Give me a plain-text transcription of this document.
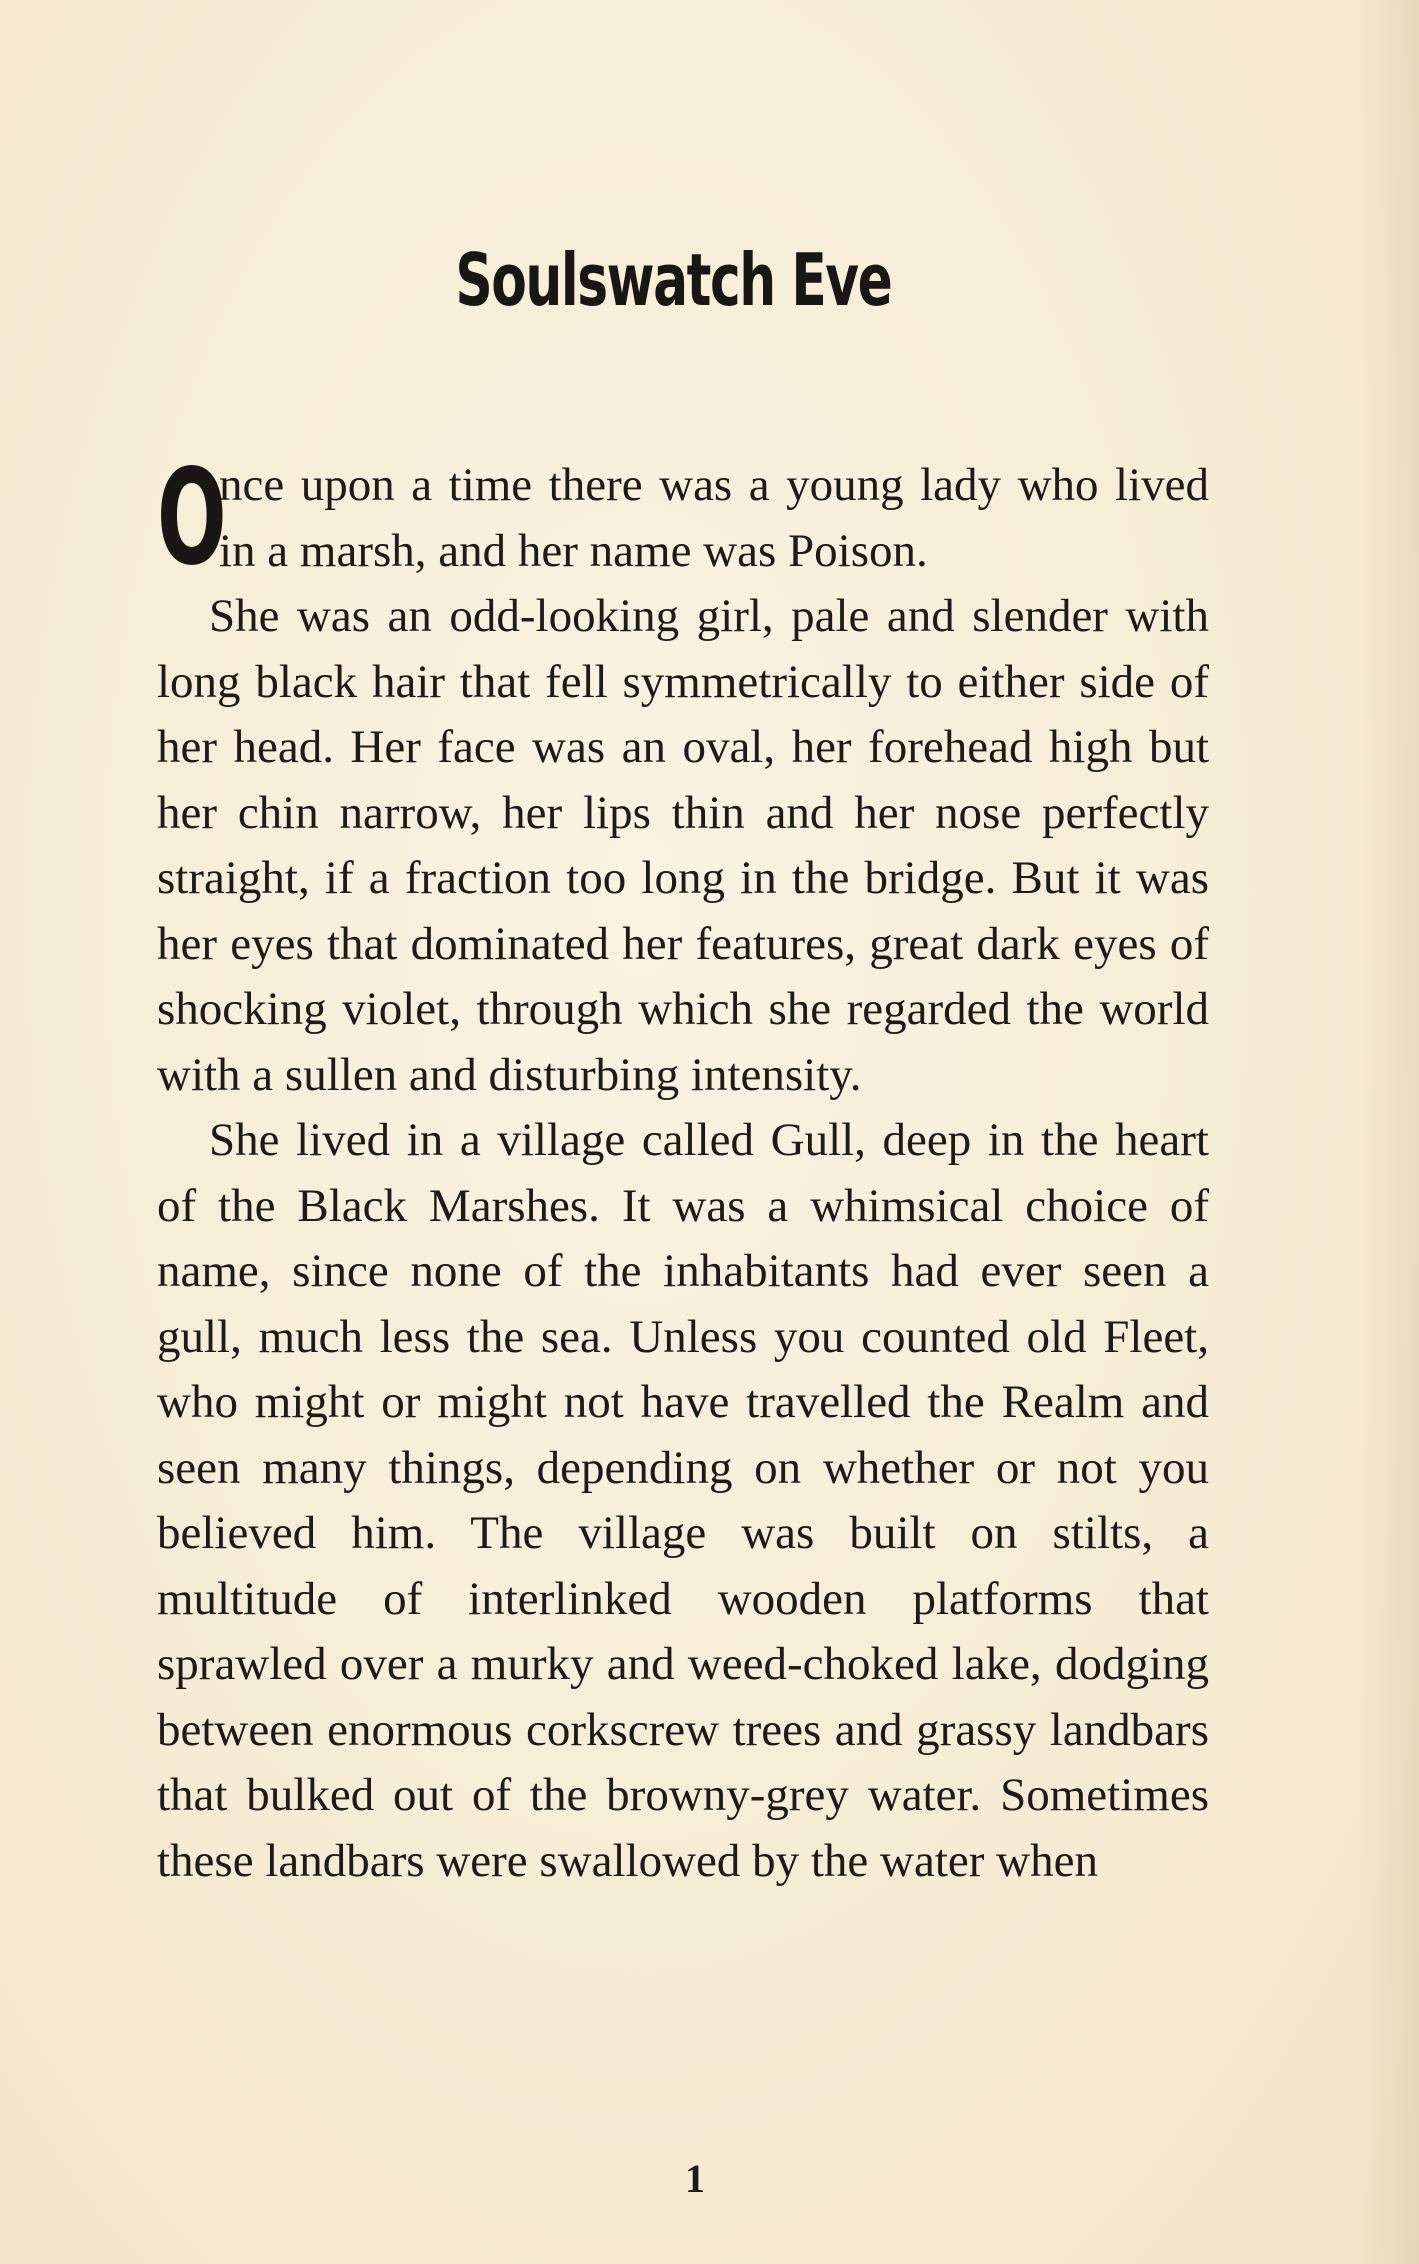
Soulswatch Eve

O
nce upon a time there was a young lady who lived in a marsh, and her name was Poison.

She was an odd-looking girl, pale and slender with long black hair that fell symmetrically to either side of her head. Her face was an oval, her forehead high but her chin narrow, her lips thin and her nose perfectly straight, if a fraction too long in the bridge. But it was her eyes that dominated her features, great dark eyes of shocking violet, through which she regarded the world with a sullen and disturbing intensity.

She lived in a village called Gull, deep in the heart of the Black Marshes. It was a whimsical choice of name, since none of the inhabitants had ever seen a gull, much less the sea. Unless you counted old Fleet, who might or might not have travelled the Realm and seen many things, depending on whether or not you believed him. The village was built on stilts, a multitude of interlinked wooden platforms that sprawled over a murky and weed-choked lake, dodging between enormous corkscrew trees and grassy landbars that bulked out of the browny-grey water. Sometimes these landbars were swallowed by the water when

1
